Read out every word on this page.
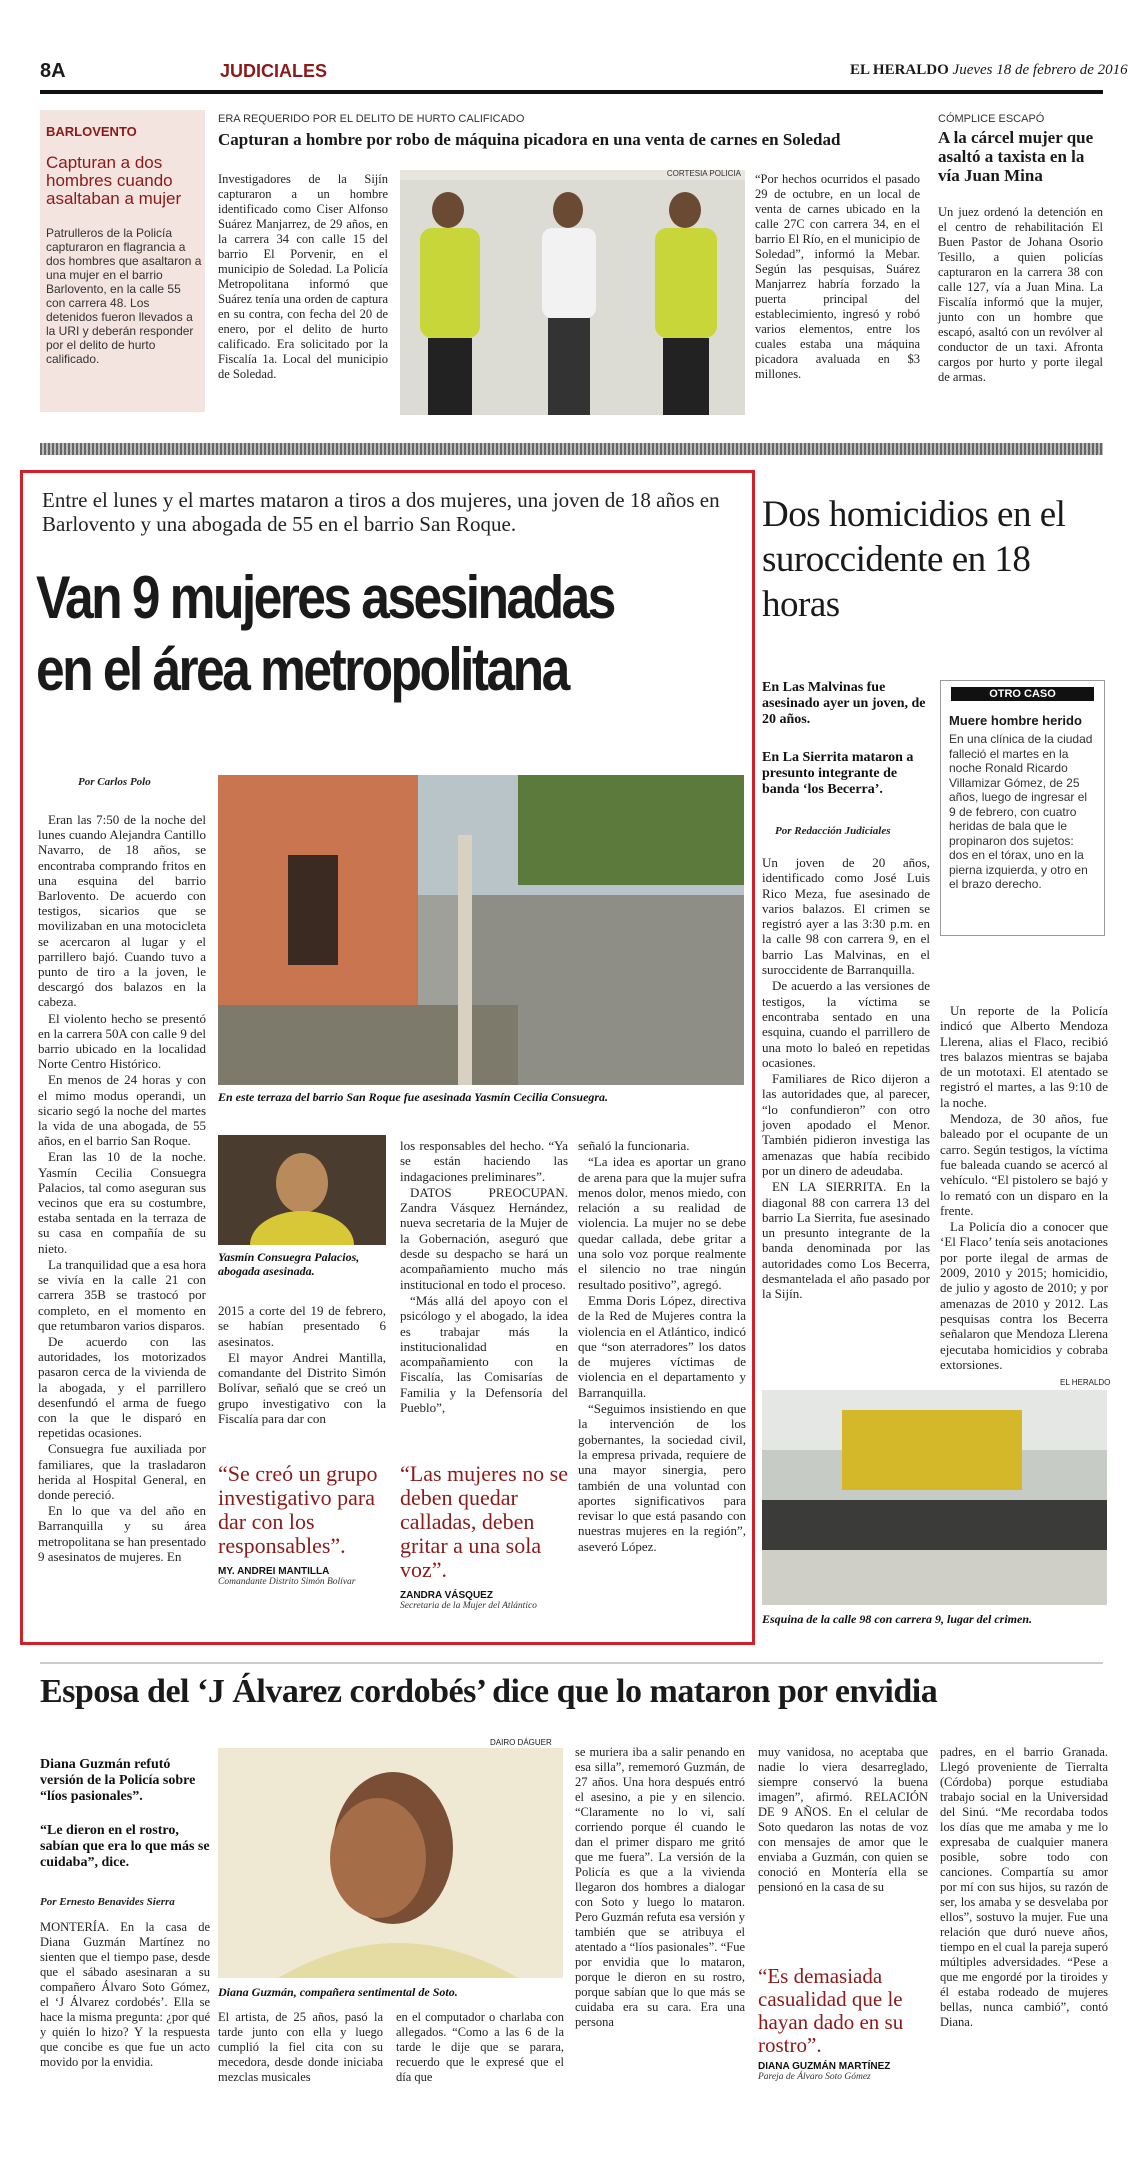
8A	JUDICIALES	EL HERALDO Jueves 18 de febrero de 2016
BARLOVENTO
Capturan a dos hombres cuando asaltaban a mujer
Patrulleros de la Policía capturaron en flagrancia a dos hombres que asaltaron a una mujer en el barrio Barlovento, en la calle 55 con carrera 48. Los detenidos fueron llevados a la URI y deberán responder por el delito de hurto calificado.
ERA REQUERIDO POR EL DELITO DE HURTO CALIFICADO
Capturan a hombre por robo de máquina picadora en una venta de carnes en Soledad
Investigadores de la Sijín capturaron a un hombre identificado como Ciser Alfonso Suárez Manjarrez, de 29 años, en la carrera 34 con calle 15 del barrio El Porvenir, en el municipio de Soledad. La Policía Metropolitana informó que Suárez tenía una orden de captura en su contra, con fecha del 20 de enero, por el delito de hurto calificado. Era solicitado por la Fiscalía 1a. Local del municipio de Soledad.
CORTESÍA POLICÍA “Por hechos ocurridos el pasado 29 de octubre, en un local de venta de carnes ubicado en la calle 27C con carrera 34, en el barrio El Río, en el municipio de Soledad”, informó la Mebar. Según las pesquisas, Suárez Manjarrez habría forzado la puerta principal del establecimiento, ingresó y robó varios elementos, entre los cuales estaba una máquina picadora avaluada en $3 millones.
CÓMPLICE ESCAPÓ
A la cárcel mujer que asaltó a taxista en la vía Juan Mina
Un juez ordenó la detención en el centro de rehabilitación El Buen Pastor de Johana Osorio Tesillo, a quien policías capturaron en la carrera 38 con calle 127, vía a Juan Mina. La Fiscalía informó que la mujer, junto con un hombre que escapó, asaltó con un revólver al conductor de un taxi. Afronta cargos por hurto y porte ilegal de armas.
Entre el lunes y el martes mataron a tiros a dos mujeres, una joven de 18 años en Barlovento y una abogada de 55 en el barrio San Roque.
Van 9 mujeres asesinadas
en el área metropolitana
Por Carlos Polo
En este terraza del barrio San Roque fue asesinada Yasmín Cecilia Consuegra.

Eran las 7:50 de la noche del lunes cuando Alejandra Cantillo Navarro, de 18 años, se encontraba comprando fritos en una esquina del barrio Barlovento. De acuerdo con testigos, sicarios que se movilizaban en una motocicleta se acercaron al lugar y el parrillero bajó. Cuando tuvo a punto de tiro a la joven, le descargó dos balazos en la cabeza.

El violento hecho se presentó en la carrera 50A con calle 9 del barrio ubicado en la localidad Norte Centro Histórico.

En menos de 24 horas y con el mimo modus operandi, un sicario segó la noche del martes la vida de una abogada, de 55 años, en el barrio San Roque.

Eran las 10 de la noche. Yasmín Cecilia Consuegra Palacios, tal como aseguran sus vecinos que era su costumbre, estaba sentada en la terraza de su casa en compañía de su nieto.

La tranquilidad que a esa hora se vivía en la calle 21 con carrera 35B se trastocó por completo, en el momento en que retumbaron varios disparos.

De acuerdo con las autoridades, los motorizados pasaron cerca de la vivienda de la abogada, y el parrillero desenfundó el arma de fuego con la que le disparó en repetidas ocasiones.

Consuegra fue auxiliada por familiares, que la trasladaron herida al Hospital General, en donde pereció.

En lo que va del año en Barranquilla y su área metropolitana se han presentado 9 asesinatos de mujeres. En

Yasmín Consuegra Palacios, abogada asesinada.

2015 a corte del 19 de febrero, se habían presentado 6 asesinatos.

El mayor Andrei Mantilla, comandante del Distrito Simón Bolívar, señaló que se creó un grupo investigativo con la Fiscalía para dar con

los responsables del hecho. “Ya se están haciendo las indagaciones preliminares”.

DATOS PREOCUPAN. Zandra Vásquez Hernández, nueva secretaria de la Mujer de la Gobernación, aseguró que desde su despacho se hará un acompañamiento mucho más institucional en todo el proceso.

“Más allá del apoyo con el psicólogo y el abogado, la idea es trabajar más la institucionalidad en acompañamiento con la Fiscalía, las Comisarías de Familia y la Defensoría del Pueblo”,

señaló la funcionaria.

“La idea es aportar un grano de arena para que la mujer sufra menos dolor, menos miedo, con relación a su realidad de violencia. La mujer no se debe quedar callada, debe gritar a una solo voz porque realmente el silencio no trae ningún resultado positivo”, agregó.

Emma Doris López, directiva de la Red de Mujeres contra la violencia en el Atlántico, indicó que “son aterradores” los datos de mujeres víctimas de violencia en el departamento y Barranquilla.

“Seguimos insistiendo en que la intervención de los gobernantes, la sociedad civil, la empresa privada, requiere de una mayor sinergia, pero también de una voluntad con aportes significativos para revisar lo que está pasando con nuestras mujeres en la región”, aseveró López.

“Se creó un grupo investigativo para dar con los responsables”.
MY. ANDREI MANTILLA
Comandante Distrito Simón Bolívar
“Las mujeres no se deben quedar calladas, deben gritar a una sola voz”.
ZANDRA VÁSQUEZ
Secretaria de la Mujer del Atlántico
Dos homicidios en el suroccidente en 18 horas
En Las Malvinas fue asesinado ayer un joven, de 20 años.
En La Sierrita mataron a presunto integrante de banda ‘los Becerra’.
Por Redacción Judiciales
OTRO CASO
Muere hombre herido
En una clínica de la ciudad falleció el martes en la noche Ronald Ricardo Villamizar Gómez, de 25 años, luego de ingresar el 9 de febrero, con cuatro heridas de bala que le propinaron dos sujetos: dos en el tórax, uno en la pierna izquierda, y otro en el brazo derecho.

Un joven de 20 años, identificado como José Luis Rico Meza, fue asesinado de varios balazos. El crimen se registró ayer a las 3:30 p.m. en la calle 98 con carrera 9, en el barrio Las Malvinas, en el suroccidente de Barranquilla.

De acuerdo a las versiones de testigos, la víctima se encontraba sentado en una esquina, cuando el parrillero de una moto lo baleó en repetidas ocasiones.

Familiares de Rico dijeron a las autoridades que, al parecer, “lo confundieron” con otro joven apodado el Menor. También pidieron investiga las amenazas que había recibido por un dinero de adeudaba.

EN LA SIERRITA. En la diagonal 88 con carrera 13 del barrio La Sierrita, fue asesinado un presunto integrante de la banda denominada por las autoridades como Los Becerra, desmantelada el año pasado por la Sijín.

Un reporte de la Policía indicó que Alberto Mendoza Llerena, alias el Flaco, recibió tres balazos mientras se bajaba de un mototaxi. El atentado se registró el martes, a las 9:10 de la noche.

Mendoza, de 30 años, fue baleado por el ocupante de un carro. Según testigos, la víctima fue baleada cuando se acercó al vehículo. “El pistolero se bajó y lo remató con un disparo en la frente.

La Policía dio a conocer que ‘El Flaco’ tenía seis anotaciones por porte ilegal de armas de 2009, 2010 y 2015; homicidio, de julio y agosto de 2010; y por amenazas de 2010 y 2012. Las pesquisas contra los Becerra señalaron que Mendoza Llerena ejecutaba homicidios y cobraba extorsiones.

EL HERALDO
Esquina de la calle 98 con carrera 9, lugar del crimen.
Esposa del ‘J Álvarez cordobés’ dice que lo mataron por envidia
Diana Guzmán refutó versión de la Policía sobre “líos pasionales”.
“Le dieron en el rostro, sabían que era lo que más se cuidaba”, dice.
Por Ernesto Benavides Sierra
MONTERÍA. En la casa de Diana Guzmán Martínez no sienten que el tiempo pase, desde que el sábado asesinaran a su compañero Álvaro Soto Gómez, el ‘J Álvarez cordobés’. Ella se hace la misma pregunta: ¿por qué y quién lo hizo? Y la respuesta que concibe es que fue un acto movido por la envidia.
DAIRO DÁGUER
Diana Guzmán, compañera sentimental de Soto.
El artista, de 25 años, pasó la tarde junto con ella y luego cumplió la fiel cita con su mecedora, desde donde iniciaba mezclas musicales
en el computador o charlaba con allegados. “Como a las 6 de la tarde le dije que se parara, recuerdo que le expresé que el día que
se muriera iba a salir penando en esa silla”, rememoró Guzmán, de 27 años. Una hora después entró el asesino, a pie y en silencio. “Claramente no lo vi, salí corriendo porque él cuando le dan el primer disparo me gritó que me fuera”. La versión de la Policía es que a la vivienda llegaron dos hombres a dialogar con Soto y luego lo mataron. Pero Guzmán refuta esa versión y también que se atribuya el atentado a “líos pasionales”. “Fue por envidia que lo mataron, porque le dieron en su rostro, porque sabían que lo que más se cuidaba era su cara. Era una persona
muy vanidosa, no aceptaba que nadie lo viera desarreglado, siempre conservó la buena imagen”, afirmó. RELACIÓN DE 9 AÑOS. En el celular de Soto quedaron las notas de voz con mensajes de amor que le enviaba a Guzmán, con quien se conoció en Montería ella se pensionó en la casa de su
“Es demasiada casualidad que le hayan dado en su rostro”.
DIANA GUZMÁN MARTÍNEZ
Pareja de Álvaro Soto Gómez
padres, en el barrio Granada. Llegó proveniente de Tierralta (Córdoba) porque estudiaba trabajo social en la Universidad del Sinú. “Me recordaba todos los días que me amaba y me lo expresaba de cualquier manera posible, sobre todo con canciones. Compartía su amor por mí con sus hijos, su razón de ser, los amaba y se desvelaba por ellos”, sostuvo la mujer. Fue una relación que duró nueve años, tiempo en el cual la pareja superó múltiples adversidades. “Pese a que me engordé por la tiroides y él estaba rodeado de mujeres bellas, nunca cambió”, contó Diana.
